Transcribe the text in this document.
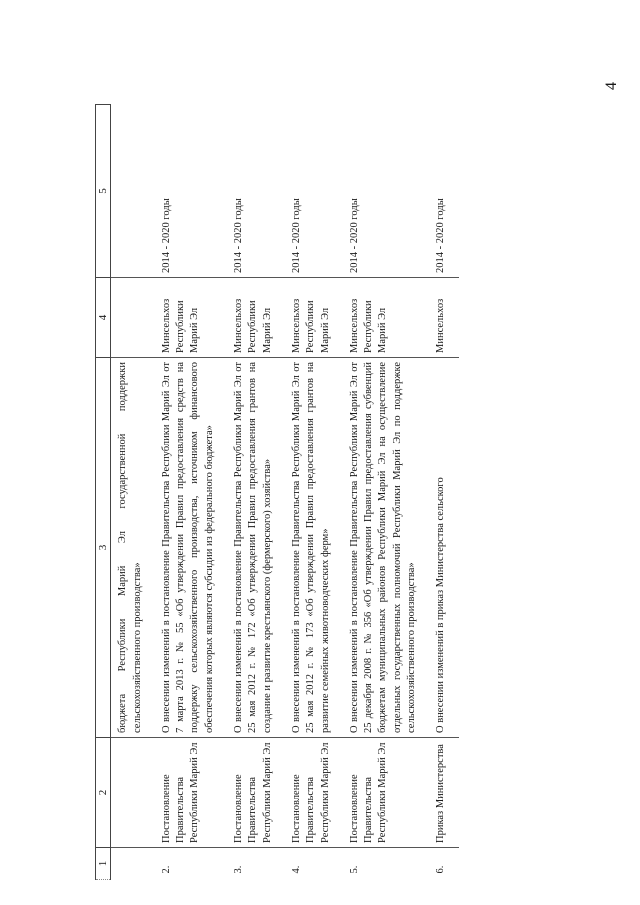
4
1	2	3	4	5
		бюджета Республики Марий Эл государственной поддержки сельскохозяйственного производства»		
2.	Постановление Правительства Республики Марий Эл	О внесении изменений в постановление Правительства Республики Марий Эл от 7 марта 2013 г. № 55 «Об утверждении Правил предоставления средств на поддержку сельскохозяйственного производства, источником финансового обеспечения которых являются субсидии из федерального бюджета»	Минсельхоз Республики Марий Эл	2014 - 2020 годы
3.	Постановление Правительства Республики Марий Эл	О внесении изменений в постановление Правительства Республики Марий Эл от 25 мая 2012 г. № 172 «Об утверждении Правил предоставления грантов на создание и развитие крестьянского (фермерского) хозяйства»	Минсельхоз Республики Марий Эл	2014 - 2020 годы
4.	Постановление Правительства Республики Марий Эл	О внесении изменений в постановление Правительства Республики Марий Эл от 25 мая 2012 г. № 173 «Об утверждении Правил предоставления грантов на развитие семейных животноводческих ферм»	Минсельхоз Республики Марий Эл	2014 - 2020 годы
5.	Постановление Правительства Республики Марий Эл	О внесении изменений в постановление Правительства Республики Марий Эл от 25 декабря 2008 г. № 356 «Об утверждении Правил предоставления субвенций бюджетам муниципальных районов Республики Марий Эл на осуществление отдельных государственных полномочий Республики Марий Эл по поддержке сельскохозяйственного производства»	Минсельхоз Республики Марий Эл	2014 - 2020 годы
6.	Приказ Министерства	О внесении изменений в приказ Министерства сельского	Минсельхоз	2014 - 2020 годы
